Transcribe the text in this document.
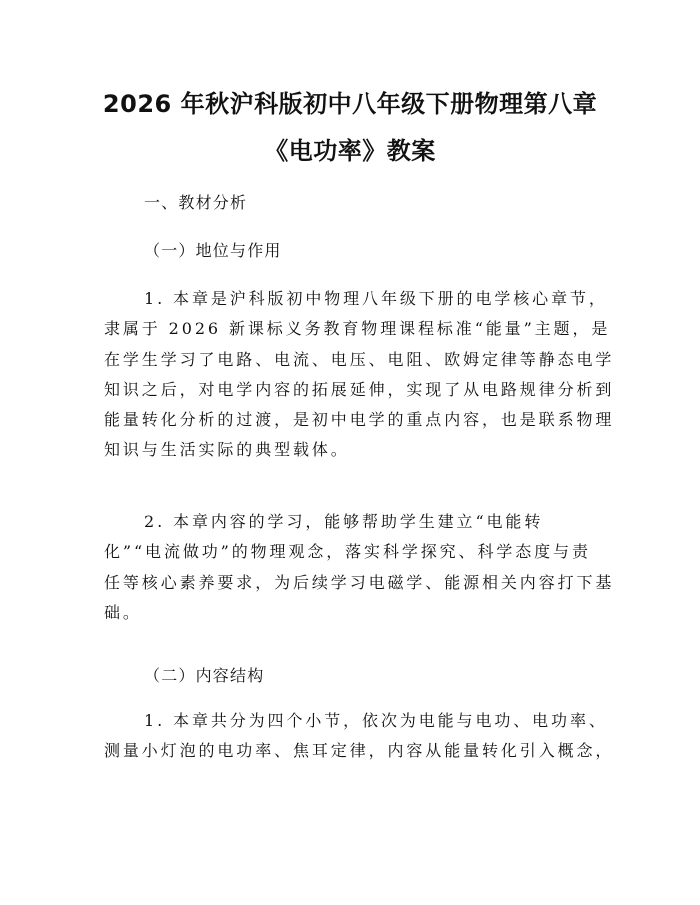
2026 年秋沪科版初中八年级下册物理第八章
《电功率》教案
一、教材分析
（一）地位与作用
1. 本章是沪科版初中物理八年级下册的电学核心章节，
隶属于 2026 新课标义务教育物理课程标准“能量”主题，是
在学生学习了电路、电流、电压、电阻、欧姆定律等静态电学
知识之后，对电学内容的拓展延伸，实现了从电路规律分析到
能量转化分析的过渡，是初中电学的重点内容，也是联系物理
知识与生活实际的典型载体。
2. 本章内容的学习，能够帮助学生建立“电能转
化”“电流做功”的物理观念，落实科学探究、科学态度与责
任等核心素养要求，为后续学习电磁学、能源相关内容打下基
础。
（二）内容结构
1. 本章共分为四个小节，依次为电能与电功、电功率、
测量小灯泡的电功率、焦耳定律，内容从能量转化引入概念，
